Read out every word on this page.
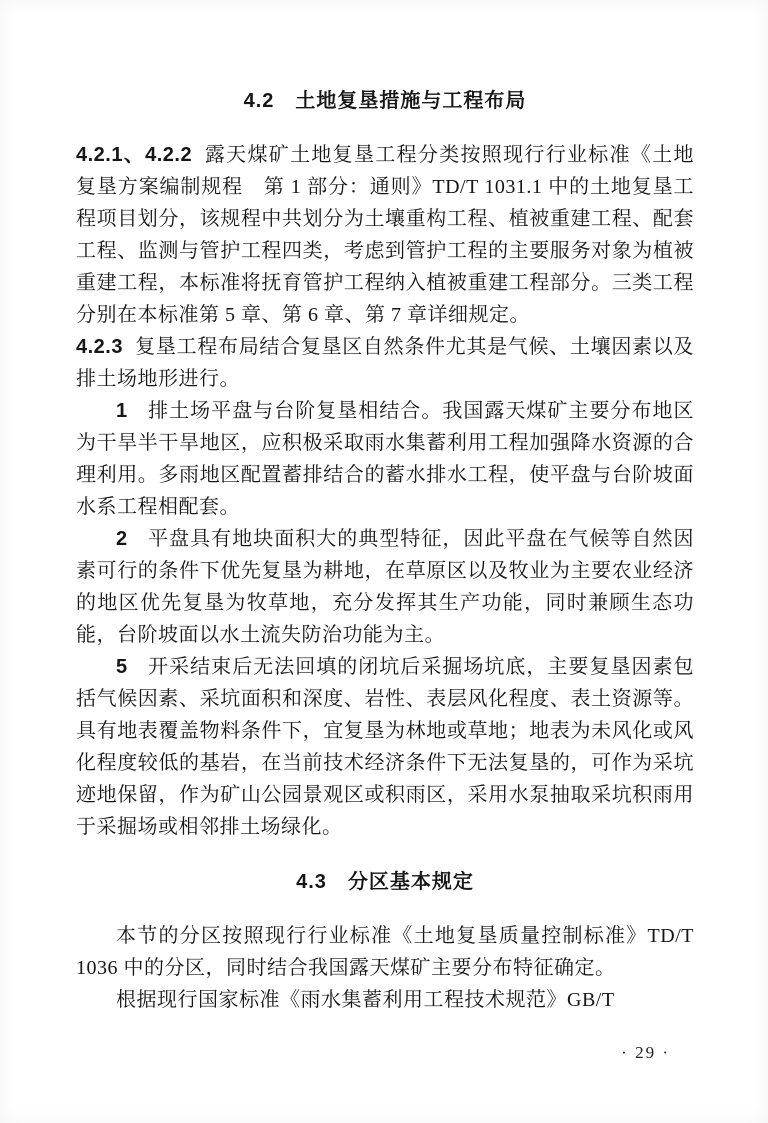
4.2　土地复垦措施与工程布局

4.2.1、4.2.2 露天煤矿土地复垦工程分类按照现行行业标准《土地复垦方案编制规程　第 1 部分：通则》TD/T 1031.1 中的土地复垦工程项目划分，该规程中共划分为土壤重构工程、植被重建工程、配套工程、监测与管护工程四类，考虑到管护工程的主要服务对象为植被重建工程，本标准将抚育管护工程纳入植被重建工程部分。三类工程分别在本标准第 5 章、第 6 章、第 7 章详细规定。

4.2.3 复垦工程布局结合复垦区自然条件尤其是气候、土壤因素以及排土场地形进行。

1 排土场平盘与台阶复垦相结合。我国露天煤矿主要分布地区为干旱半干旱地区，应积极采取雨水集蓄利用工程加强降水资源的合理利用。多雨地区配置蓄排结合的蓄水排水工程，使平盘与台阶坡面水系工程相配套。

2 平盘具有地块面积大的典型特征，因此平盘在气候等自然因素可行的条件下优先复垦为耕地，在草原区以及牧业为主要农业经济的地区优先复垦为牧草地，充分发挥其生产功能，同时兼顾生态功能，台阶坡面以水土流失防治功能为主。

5 开采结束后无法回填的闭坑后采掘场坑底，主要复垦因素包括气候因素、采坑面积和深度、岩性、表层风化程度、表土资源等。具有地表覆盖物料条件下，宜复垦为林地或草地；地表为未风化或风化程度较低的基岩，在当前技术经济条件下无法复垦的，可作为采坑迹地保留，作为矿山公园景观区或积雨区，采用水泵抽取采坑积雨用于采掘场或相邻排土场绿化。

4.3　分区基本规定

本节的分区按照现行行业标准《土地复垦质量控制标准》TD/T 1036 中的分区，同时结合我国露天煤矿主要分布特征确定。

根据现行国家标准《雨水集蓄利用工程技术规范》GB/T

· 29 ·
